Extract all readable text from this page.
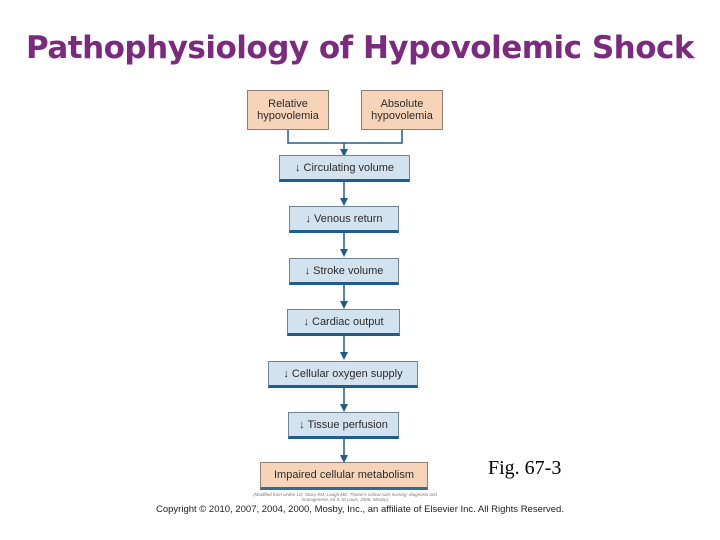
Pathophysiology of Hypovolemic Shock
Relative hypovolemia
Absolute hypovolemia
↓ Circulating volume
↓ Venous return
↓ Stroke volume
↓ Cardiac output
↓ Cellular oxygen supply
↓ Tissue perfusion
Impaired cellular metabolism
(Modified from Urden LD, Stacy KM, Lough ME: Thelan's critical care nursing: diagnosis and management, ed 5, St Louis, 2006, Mosby.)
Fig. 67-3
Copyright © 2010, 2007, 2004, 2000, Mosby, Inc., an affiliate of Elsevier Inc. All Rights Reserved.
